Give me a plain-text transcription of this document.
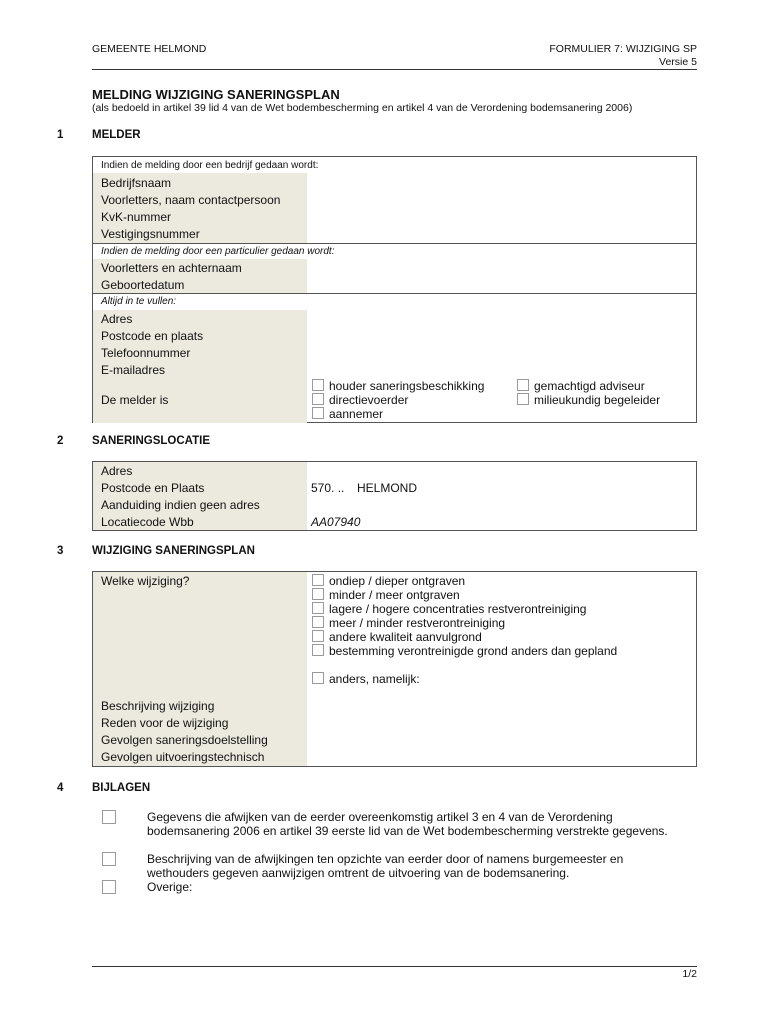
GEMEENTE HELMOND	FORMULIER 7: WIJZIGING SP
Versie 5
MELDING WIJZIGING SANERINGSPLAN
(als bedoeld in artikel 39 lid 4 van de Wet bodembescherming en artikel 4 van de Verordening bodemsanering 2006)
1 MELDER
Indien de melding door een bedrijf gedaan wordt:
Bedrijfsnaam
Voorletters, naam contactpersoon
KvK-nummer
Vestigingsnummer
Indien de melding door een particulier gedaan wordt:
Voorletters en achternaam
Geboortedatum
Altijd in te vullen:
Adres
Postcode en plaats
Telefoonnummer
E-mailadres
De melder is
houder saneringsbeschikking
directievoerder
aannemer
gemachtigd adviseur
milieukundig begeleider
2 SANERINGSLOCATIE
Adres
Postcode en Plaats
Aanduiding indien geen adres
Locatiecode Wbb
570. .. HELMOND
AA07940
3 WIJZIGING SANERINGSPLAN
Welke wijziging?	ondiep / dieper ontgraven
minder / meer ontgraven
lagere / hogere concentraties restverontreiniging
meer / minder restverontreiniging
andere kwaliteit aanvulgrond
bestemming verontreinigde grond anders dan gepland
anders, namelijk:
Beschrijving wijziging
Reden voor de wijziging
Gevolgen saneringsdoelstelling
Gevolgen uitvoeringstechnisch
4 BIJLAGEN
Gegevens die afwijken van de eerder overeenkomstig artikel 3 en 4 van de Verordening bodemsanering 2006 en artikel 39 eerste lid van de Wet bodembescherming verstrekte gegevens.
Beschrijving van de afwijkingen ten opzichte van eerder door of namens burgemeester en wethouders gegeven aanwijzigen omtrent de uitvoering van de bodemsanering.
Overige:
1/2
